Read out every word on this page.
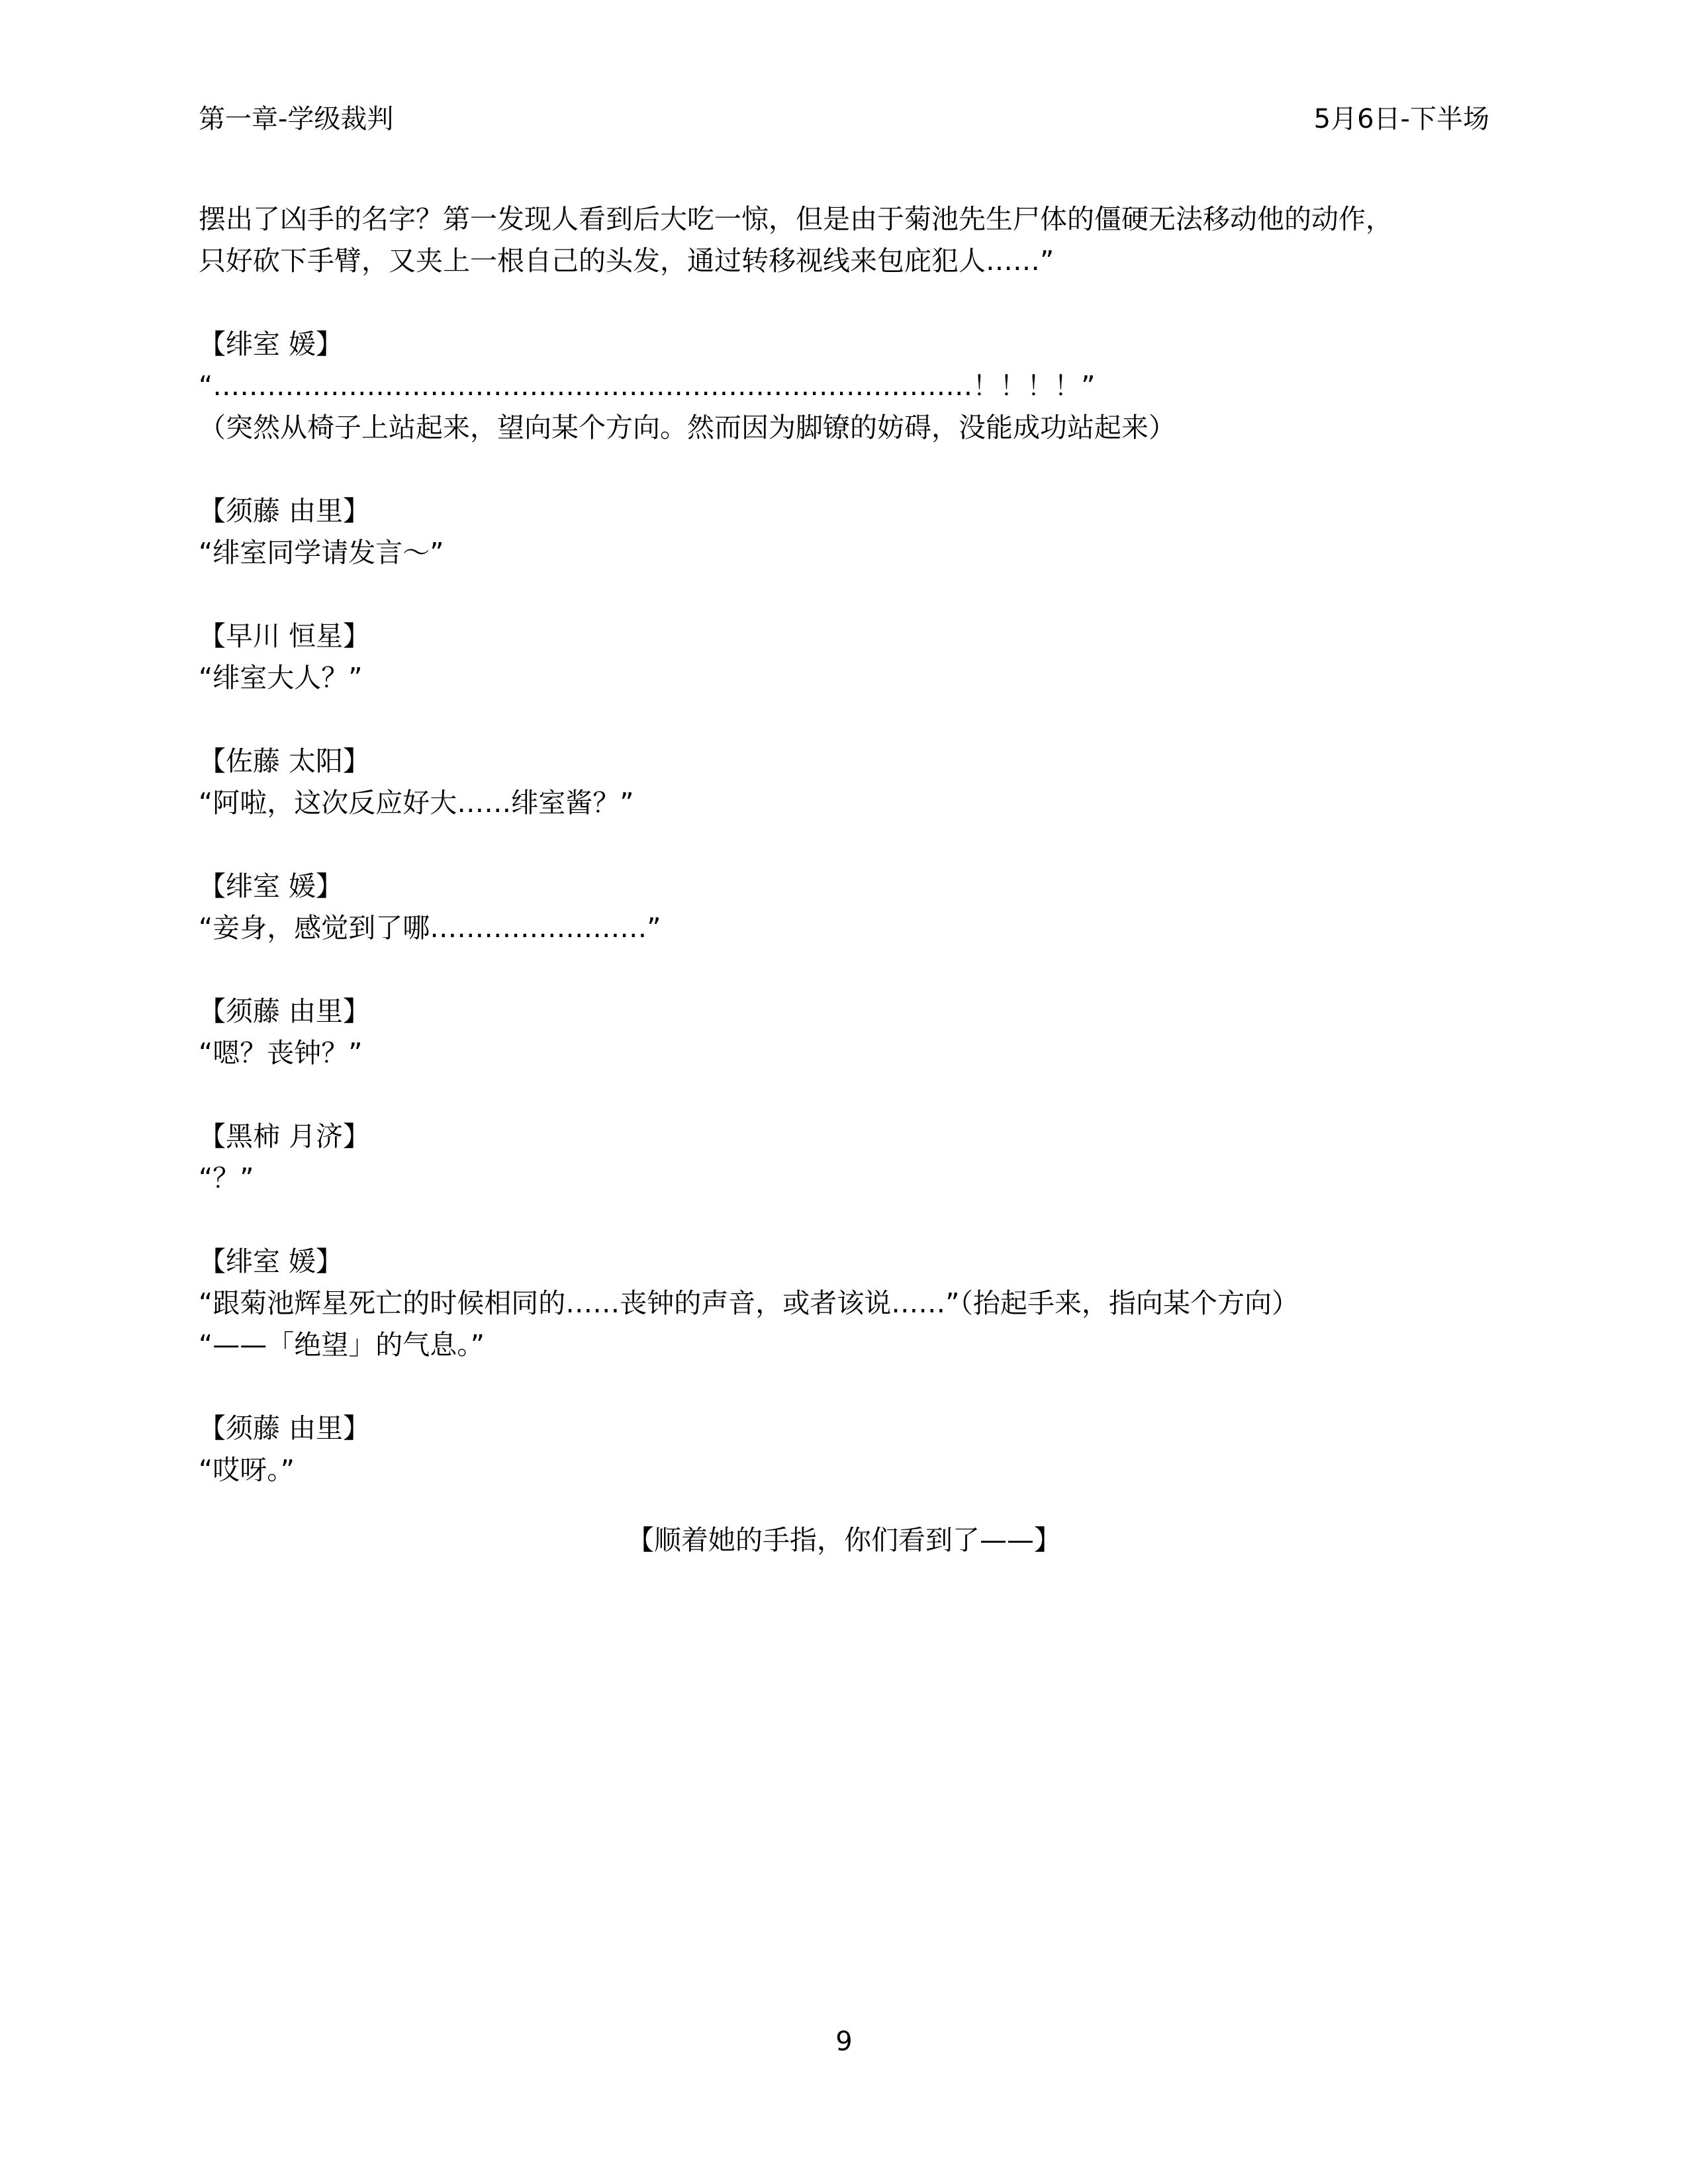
第一章-学级裁判	5月6日-下半场
摆出了凶手的名字？第一发现人看到后大吃一惊，但是由于菊池先生尸体的僵硬无法移动他的动作，
只好砍下手臂，又夹上一根自己的头发，通过转移视线来包庇犯人……”
【绯室 媛】
“…………………………………………………………………………！！！！”
（突然从椅子上站起来，望向某个方向。然而因为脚镣的妨碍，没能成功站起来）
【须藤 由里】
“绯室同学请发言～”
【早川 恒星】
“绯室大人？”
【佐藤 太阳】
“阿啦，这次反应好大……绯室酱？”
【绯室 媛】
“妾身，感觉到了哪……………………”
【须藤 由里】
“嗯？丧钟？”
【黑柿 月济】
“？”
【绯室 媛】
“跟菊池辉星死亡的时候相同的……丧钟的声音，或者该说……”（抬起手来，指向某个方向）
“——「绝望」的气息。”
【须藤 由里】
“哎呀。”
【顺着她的手指，你们看到了——】
9
